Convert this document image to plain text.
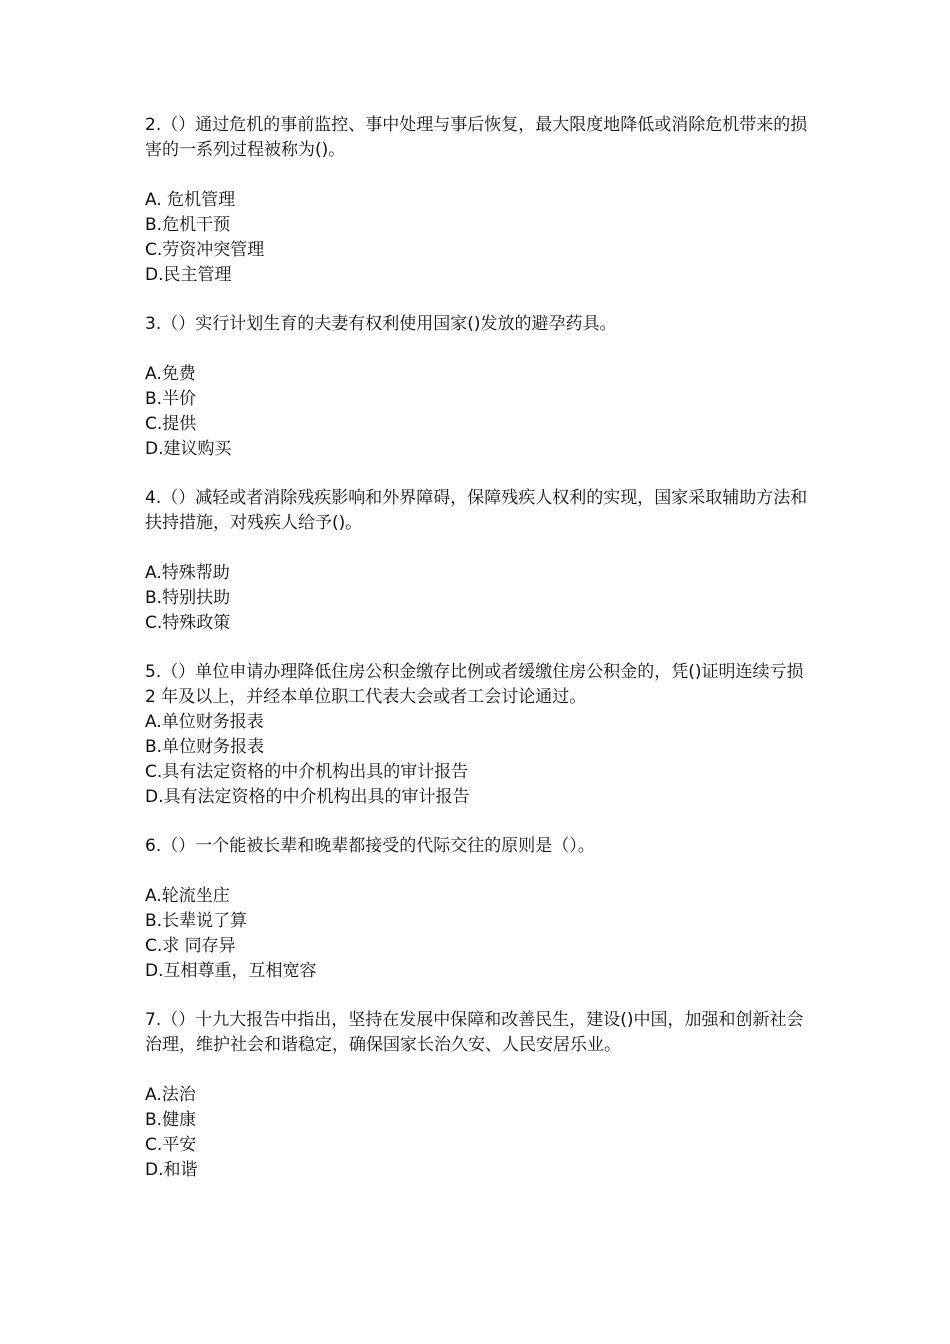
2.（）通过危机的事前监控、事中处理与事后恢复，最大限度地降低或消除危机带来的损害的一系列过程被称为()。

A. 危机管理
B.危机干预
C.劳资冲突管理
D.民主管理

3.（）实行计划生育的夫妻有权利使用国家()发放的避孕药具。

A.免费
B.半价
C.提供
D.建议购买

4.（）减轻或者消除残疾影响和外界障碍，保障残疾人权利的实现，国家采取辅助方法和扶持措施，对残疾人给予()。

A.特殊帮助
B.特别扶助
C.特殊政策

5.（）单位申请办理降低住房公积金缴存比例或者缓缴住房公积金的，凭()证明连续亏损 2 年及以上，并经本单位职工代表大会或者工会讨论通过。

A.单位财务报表
B.单位财务报表
C.具有法定资格的中介机构出具的审计报告
D.具有法定资格的中介机构出具的审计报告

6.（）一个能被长辈和晚辈都接受的代际交往的原则是（）。

A.轮流坐庄
B.长辈说了算
C.求 同存异
D.互相尊重，互相宽容

7.（）十九大报告中指出，坚持在发展中保障和改善民生，建设()中国，加强和创新社会治理，维护社会和谐稳定，确保国家长治久安、人民安居乐业。

A.法治
B.健康
C.平安
D.和谐
